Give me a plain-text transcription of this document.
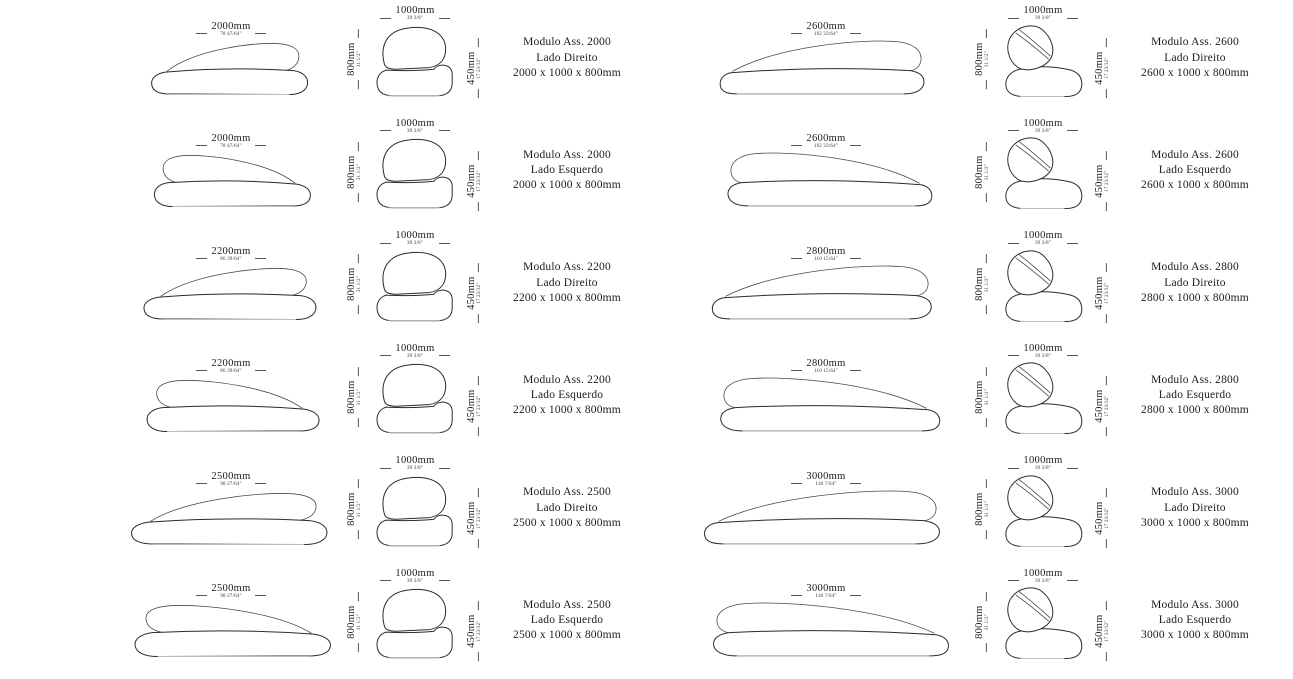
2000mm
78 47/64"
1000mm
39 3/8"
800mm 31 1/2"	450mm 17 23/32"
Modulo Ass. 2000
Lado Direito
2000 x 1000 x 800mm
2000mm
78 47/64"
1000mm
39 3/8"
800mm 31 1/2"	450mm 17 23/32"
Modulo Ass. 2000
Lado Esquerdo
2000 x 1000 x 800mm
2200mm
86 39/64"
1000mm
39 3/8"
800mm 31 1/2"	450mm 17 23/32"
Modulo Ass. 2200
Lado Direito
2200 x 1000 x 800mm
2200mm
86 39/64"
1000mm
39 3/8"
800mm 31 1/2"	450mm 17 23/32"
Modulo Ass. 2200
Lado Esquerdo
2200 x 1000 x 800mm
2500mm
98 27/64"
1000mm
39 3/8"
800mm 31 1/2"	450mm 17 23/32"
Modulo Ass. 2500
Lado Direito
2500 x 1000 x 800mm
2500mm
98 27/64"
1000mm
39 3/8"
800mm 31 1/2"	450mm 17 23/32"
Modulo Ass. 2500
Lado Esquerdo
2500 x 1000 x 800mm
2600mm
102 23/64"
1000mm
39 3/8"
800mm 31 1/2"	450mm 17 23/32"
Modulo Ass. 2600
Lado Direito
2600 x 1000 x 800mm
2600mm
102 23/64"
1000mm
39 3/8"
800mm 31 1/2"	450mm 17 23/32"
Modulo Ass. 2600
Lado Esquerdo
2600 x 1000 x 800mm
2800mm
110 15/64"
1000mm
39 3/8"
800mm 31 1/2"	450mm 17 23/32"
Modulo Ass. 2800
Lado Direito
2800 x 1000 x 800mm
2800mm
110 15/64"
1000mm
39 3/8"
800mm 31 1/2"	450mm 17 23/32"
Modulo Ass. 2800
Lado Esquerdo
2800 x 1000 x 800mm
3000mm
118 7/64"
1000mm
39 3/8"
800mm 31 1/2"	450mm 17 23/32"
Modulo Ass. 3000
Lado Direito
3000 x 1000 x 800mm
3000mm
118 7/64"
1000mm
39 3/8"
800mm 31 1/2"	450mm 17 23/32"
Modulo Ass. 3000
Lado Esquerdo
3000 x 1000 x 800mm
